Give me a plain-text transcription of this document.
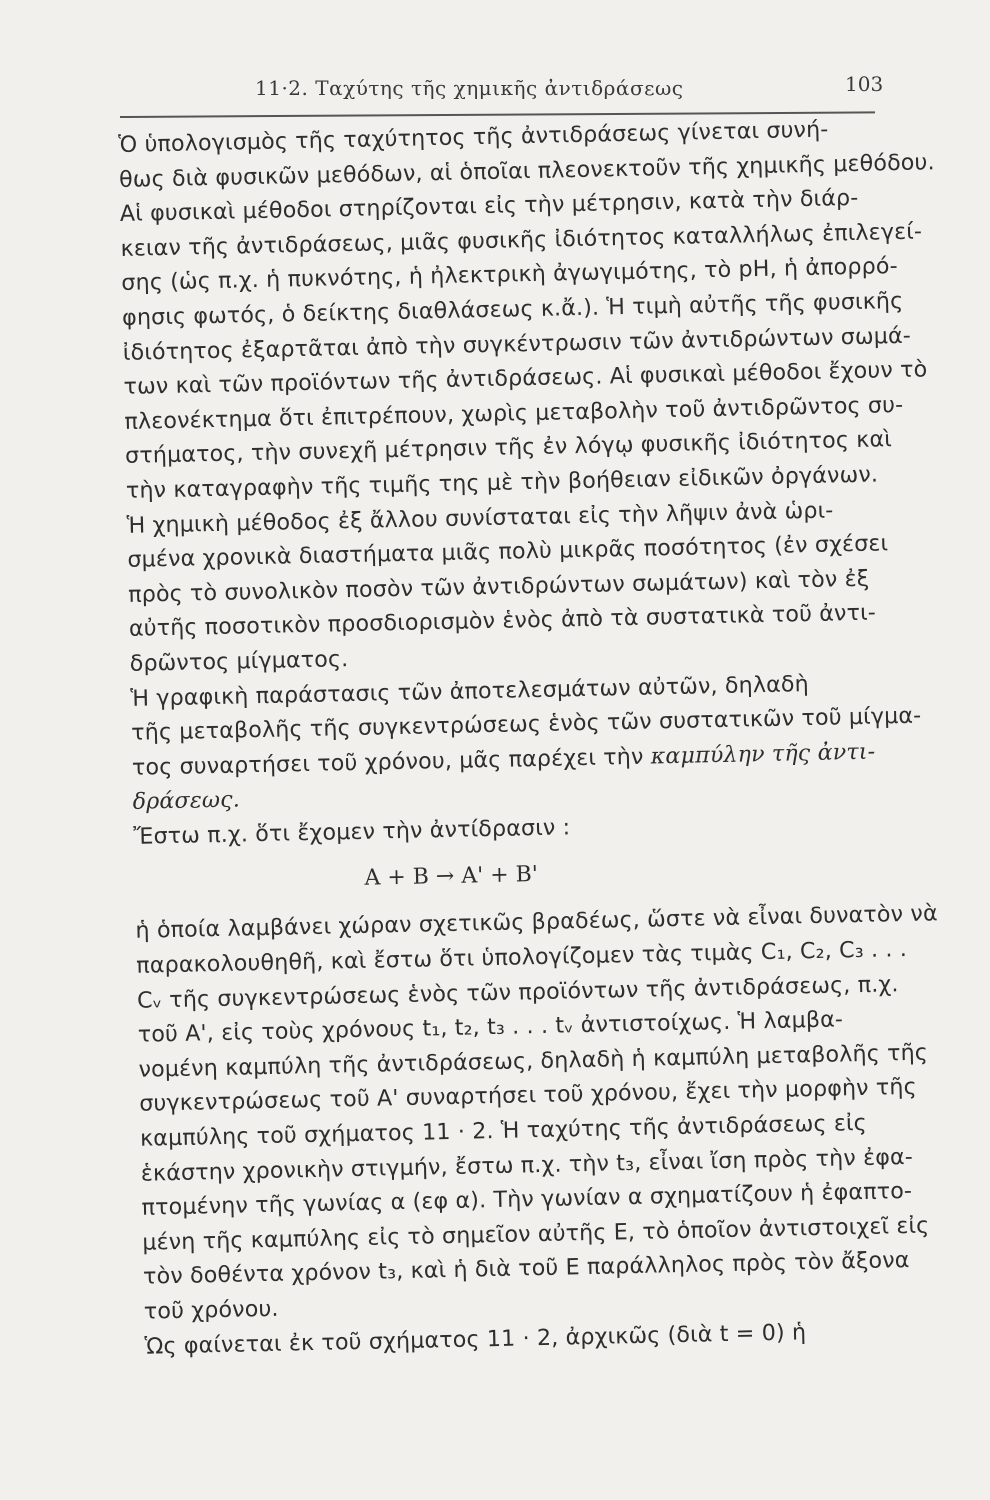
11·2. Ταχύτης τῆς χημικῆς ἀντιδράσεως	103
Ὁ ὑπολογισμὸς τῆς ταχύτητος τῆς ἀντιδράσεως γίνεται συνή-
θως διὰ φυσικῶν μεθόδων, αἱ ὁποῖαι πλεονεκτοῦν τῆς χημικῆς μεθόδου.
Αἱ φυσικαὶ μέθοδοι στηρίζονται εἰς τὴν μέτρησιν, κατὰ τὴν διάρ-
κειαν τῆς ἀντιδράσεως, μιᾶς φυσικῆς ἰδιότητος καταλλήλως ἐπιλεγεί-
σης (ὡς π.χ. ἡ πυκνότης, ἡ ἠλεκτρικὴ ἀγωγιμότης, τὸ pH, ἡ ἀπορρό-
φησις φωτός, ὁ δείκτης διαθλάσεως κ.ἄ.). Ἡ τιμὴ αὐτῆς τῆς φυσικῆς
ἰδιότητος ἐξαρτᾶται ἀπὸ τὴν συγκέντρωσιν τῶν ἀντιδρώντων σωμά-
των καὶ τῶν προϊόντων τῆς ἀντιδράσεως. Αἱ φυσικαὶ μέθοδοι ἔχουν τὸ
πλεονέκτημα ὅτι ἐπιτρέπουν, χωρὶς μεταβολὴν τοῦ ἀντιδρῶντος συ-
στήματος, τὴν συνεχῆ μέτρησιν τῆς ἐν λόγῳ φυσικῆς ἰδιότητος καὶ
τὴν καταγραφὴν τῆς τιμῆς της μὲ τὴν βοήθειαν εἰδικῶν ὀργάνων.
Ἡ χημικὴ μέθοδος ἐξ ἄλλου συνίσταται εἰς τὴν λῆψιν ἀνὰ ὡρι-
σμένα χρονικὰ διαστήματα μιᾶς πολὺ μικρᾶς ποσότητος (ἐν σχέσει
πρὸς τὸ συνολικὸν ποσὸν τῶν ἀντιδρώντων σωμάτων) καὶ τὸν ἐξ
αὐτῆς ποσοτικὸν προσδιορισμὸν ἑνὸς ἀπὸ τὰ συστατικὰ τοῦ ἀντι-
δρῶντος μίγματος.
Ἡ γραφικὴ παράστασις τῶν ἀποτελεσμάτων αὐτῶν, δηλαδὴ
τῆς μεταβολῆς τῆς συγκεντρώσεως ἑνὸς τῶν συστατικῶν τοῦ μίγμα-
τος συναρτήσει τοῦ χρόνου, μᾶς παρέχει τὴν καμπύλην τῆς ἀντι-
δράσεως.
Ἔστω π.χ. ὅτι ἔχομεν τὴν ἀντίδρασιν :
A + B → A' + B'
ἡ ὁποία λαμβάνει χώραν σχετικῶς βραδέως, ὥστε νὰ εἶναι δυνατὸν νὰ
παρακολουθηθῆ, καὶ ἔστω ὅτι ὑπολογίζομεν τὰς τιμὰς C₁, C₂, C₃ . . .
Cᵥ τῆς συγκεντρώσεως ἑνὸς τῶν προϊόντων τῆς ἀντιδράσεως, π.χ.
τοῦ A', εἰς τοὺς χρόνους t₁, t₂, t₃ . . . tᵥ ἀντιστοίχως. Ἡ λαμβα-
νομένη καμπύλη τῆς ἀντιδράσεως, δηλαδὴ ἡ καμπύλη μεταβολῆς τῆς
συγκεντρώσεως τοῦ A' συναρτήσει τοῦ χρόνου, ἔχει τὴν μορφὴν τῆς
καμπύλης τοῦ σχήματος 11 · 2. Ἡ ταχύτης τῆς ἀντιδράσεως εἰς
ἑκάστην χρονικὴν στιγμήν, ἔστω π.χ. τὴν t₃, εἶναι ἴση πρὸς τὴν ἐφα-
πτομένην τῆς γωνίας α (εφ α). Τὴν γωνίαν α σχηματίζουν ἡ ἐφαπτο-
μένη τῆς καμπύλης εἰς τὸ σημεῖον αὐτῆς Ε, τὸ ὁποῖον ἀντιστοιχεῖ εἰς
τὸν δοθέντα χρόνον t₃, καὶ ἡ διὰ τοῦ Ε παράλληλος πρὸς τὸν ἄξονα
τοῦ χρόνου.
Ὡς φαίνεται ἐκ τοῦ σχήματος 11 · 2, ἀρχικῶς (διὰ t = 0) ἡ
